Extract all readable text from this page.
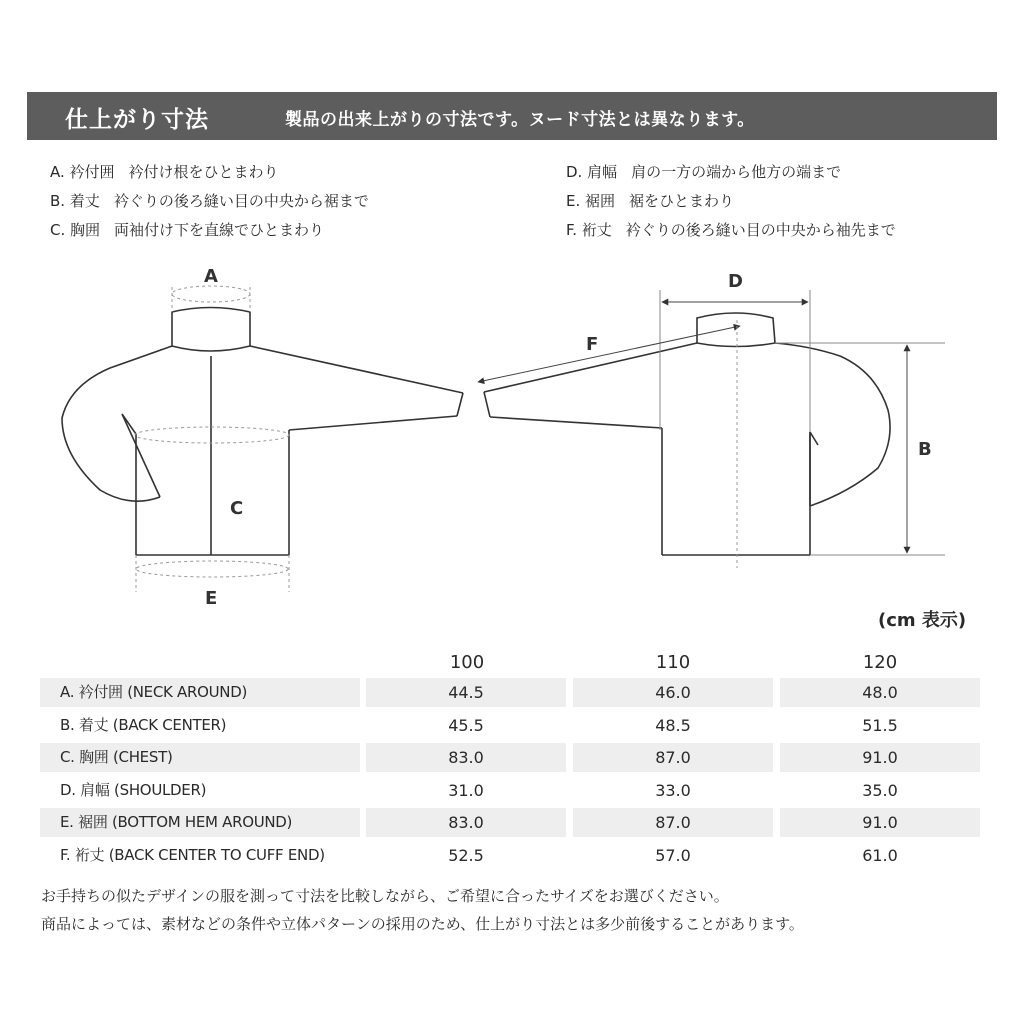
仕上がり寸法	製品の出来上がりの寸法です。ヌード寸法とは異なります。
A. 衿付囲 衿付け根をひとまわり
B. 着丈 衿ぐりの後ろ縫い目の中央から裾まで
C. 胸囲 両袖付け下を直線でひとまわり
D. 肩幅 肩の一方の端から他方の端まで
E. 裾囲 裾をひとまわり
F. 裄丈 衿ぐりの後ろ縫い目の中央から袖先まで
A
C
E
D
F
B
(cm 表示)
100	110	120
A. 衿付囲 (NECK AROUND)	44.5	46.0	48.0
B. 着丈 (BACK CENTER)	45.5	48.5	51.5
C. 胸囲 (CHEST)	83.0	87.0	91.0
D. 肩幅 (SHOULDER)	31.0	33.0	35.0
E. 裾囲 (BOTTOM HEM AROUND)	83.0	87.0	91.0
F. 裄丈 (BACK CENTER TO CUFF END)	52.5	57.0	61.0
お手持ちの似たデザインの服を測って寸法を比較しながら、ご希望に合ったサイズをお選びください。
商品によっては、素材などの条件や立体パターンの採用のため、仕上がり寸法とは多少前後することがあります。
